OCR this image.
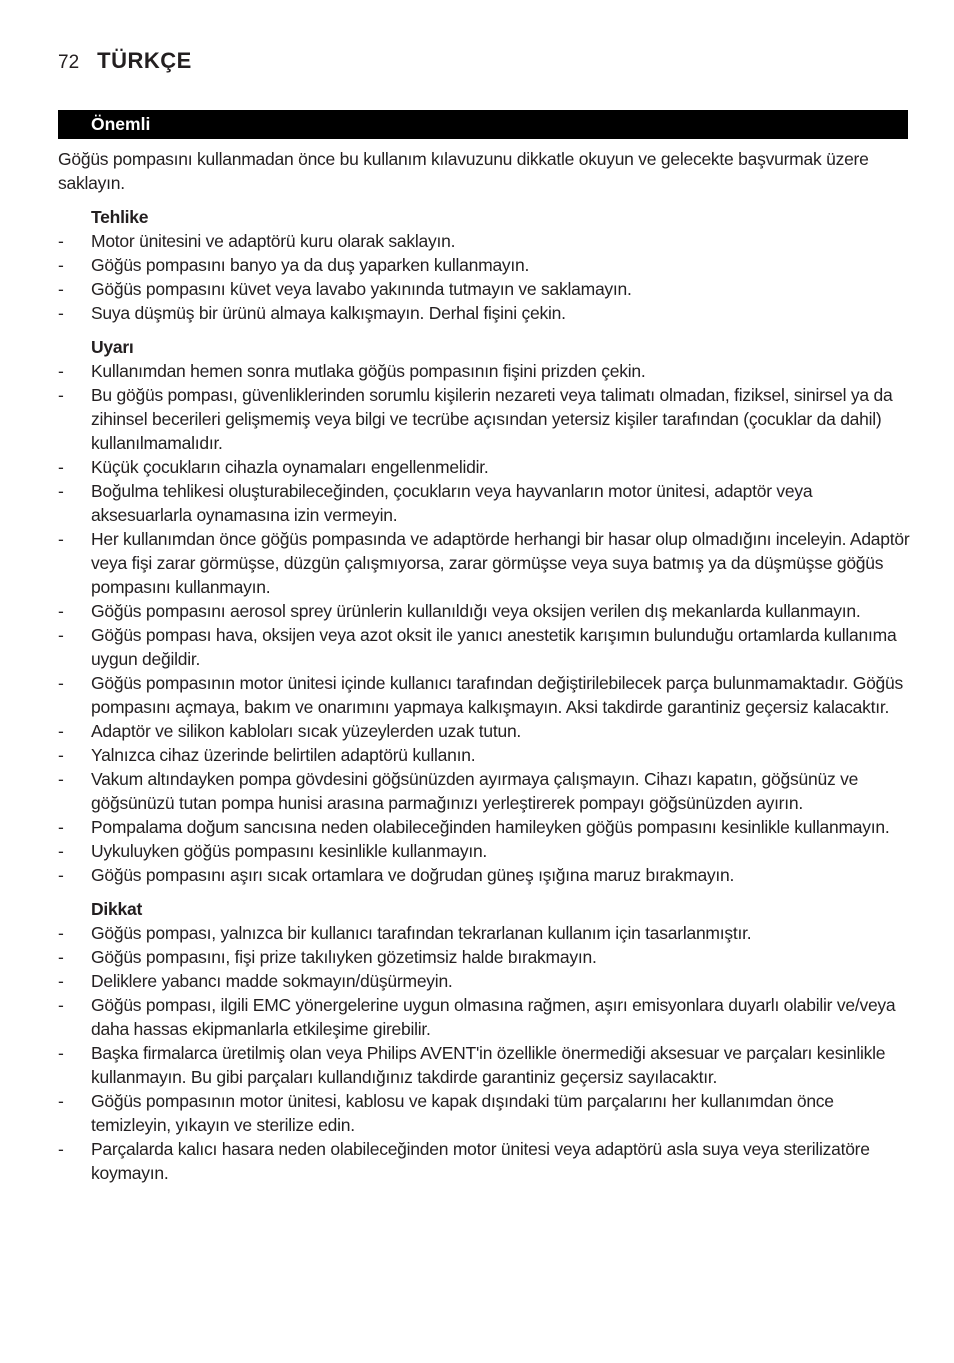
72 TÜRKÇE
Önemli

Göğüs pompasını kullanmadan önce bu kullanım kılavuzunu dikkatle okuyun ve gelecekte başvurmak üzere saklayın.

Tehlike
- Motor ünitesini ve adaptörü kuru olarak saklayın.
- Göğüs pompasını banyo ya da duş yaparken kullanmayın.
- Göğüs pompasını küvet veya lavabo yakınında tutmayın ve saklamayın.
- Suya düşmüş bir ürünü almaya kalkışmayın. Derhal fişini çekin.
Uyarı
- Kullanımdan hemen sonra mutlaka göğüs pompasının fişini prizden çekin.
- Bu göğüs pompası, güvenliklerinden sorumlu kişilerin nezareti veya talimatı olmadan, fiziksel, sinirsel ya da zihinsel becerileri gelişmemiş veya bilgi ve tecrübe açısından yetersiz kişiler tarafından (çocuklar da dahil) kullanılmamalıdır.
- Küçük çocukların cihazla oynamaları engellenmelidir.
- Boğulma tehlikesi oluşturabileceğinden, çocukların veya hayvanların motor ünitesi, adaptör veya aksesuarlarla oynamasına izin vermeyin.
- Her kullanımdan önce göğüs pompasında ve adaptörde herhangi bir hasar olup olmadığını inceleyin. Adaptör veya fişi zarar görmüşse, düzgün çalışmıyorsa, zarar görmüşse veya suya batmış ya da düşmüşse göğüs pompasını kullanmayın.
- Göğüs pompasını aerosol sprey ürünlerin kullanıldığı veya oksijen verilen dış mekanlarda kullanmayın.
- Göğüs pompası hava, oksijen veya azot oksit ile yanıcı anestetik karışımın bulunduğu ortamlarda kullanıma uygun değildir.
- Göğüs pompasının motor ünitesi içinde kullanıcı tarafından değiştirilebilecek parça bulunmamaktadır. Göğüs pompasını açmaya, bakım ve onarımını yapmaya kalkışmayın. Aksi takdirde garantiniz geçersiz kalacaktır.
- Adaptör ve silikon kabloları sıcak yüzeylerden uzak tutun.
- Yalnızca cihaz üzerinde belirtilen adaptörü kullanın.
- Vakum altındayken pompa gövdesini göğsünüzden ayırmaya çalışmayın. Cihazı kapatın, göğsünüz ve göğsünüzü tutan pompa hunisi arasına parmağınızı yerleştirerek pompayı göğsünüzden ayırın.
- Pompalama doğum sancısına neden olabileceğinden hamileyken göğüs pompasını kesinlikle kullanmayın.
- Uykuluyken göğüs pompasını kesinlikle kullanmayın.
- Göğüs pompasını aşırı sıcak ortamlara ve doğrudan güneş ışığına maruz bırakmayın.
Dikkat
- Göğüs pompası, yalnızca bir kullanıcı tarafından tekrarlanan kullanım için tasarlanmıştır.
- Göğüs pompasını, fişi prize takılıyken gözetimsiz halde bırakmayın.
- Deliklere yabancı madde sokmayın/düşürmeyin.
- Göğüs pompası, ilgili EMC yönergelerine uygun olmasına rağmen, aşırı emisyonlara duyarlı olabilir ve/veya daha hassas ekipmanlarla etkileşime girebilir.
- Başka firmalarca üretilmiş olan veya Philips AVENT'in özellikle önermediği aksesuar ve parçaları kesinlikle kullanmayın. Bu gibi parçaları kullandığınız takdirde garantiniz geçersiz sayılacaktır.
- Göğüs pompasının motor ünitesi, kablosu ve kapak dışındaki tüm parçalarını her kullanımdan önce temizleyin, yıkayın ve sterilize edin.
- Parçalarda kalıcı hasara neden olabileceğinden motor ünitesi veya adaptörü asla suya veya sterilizatöre koymayın.
